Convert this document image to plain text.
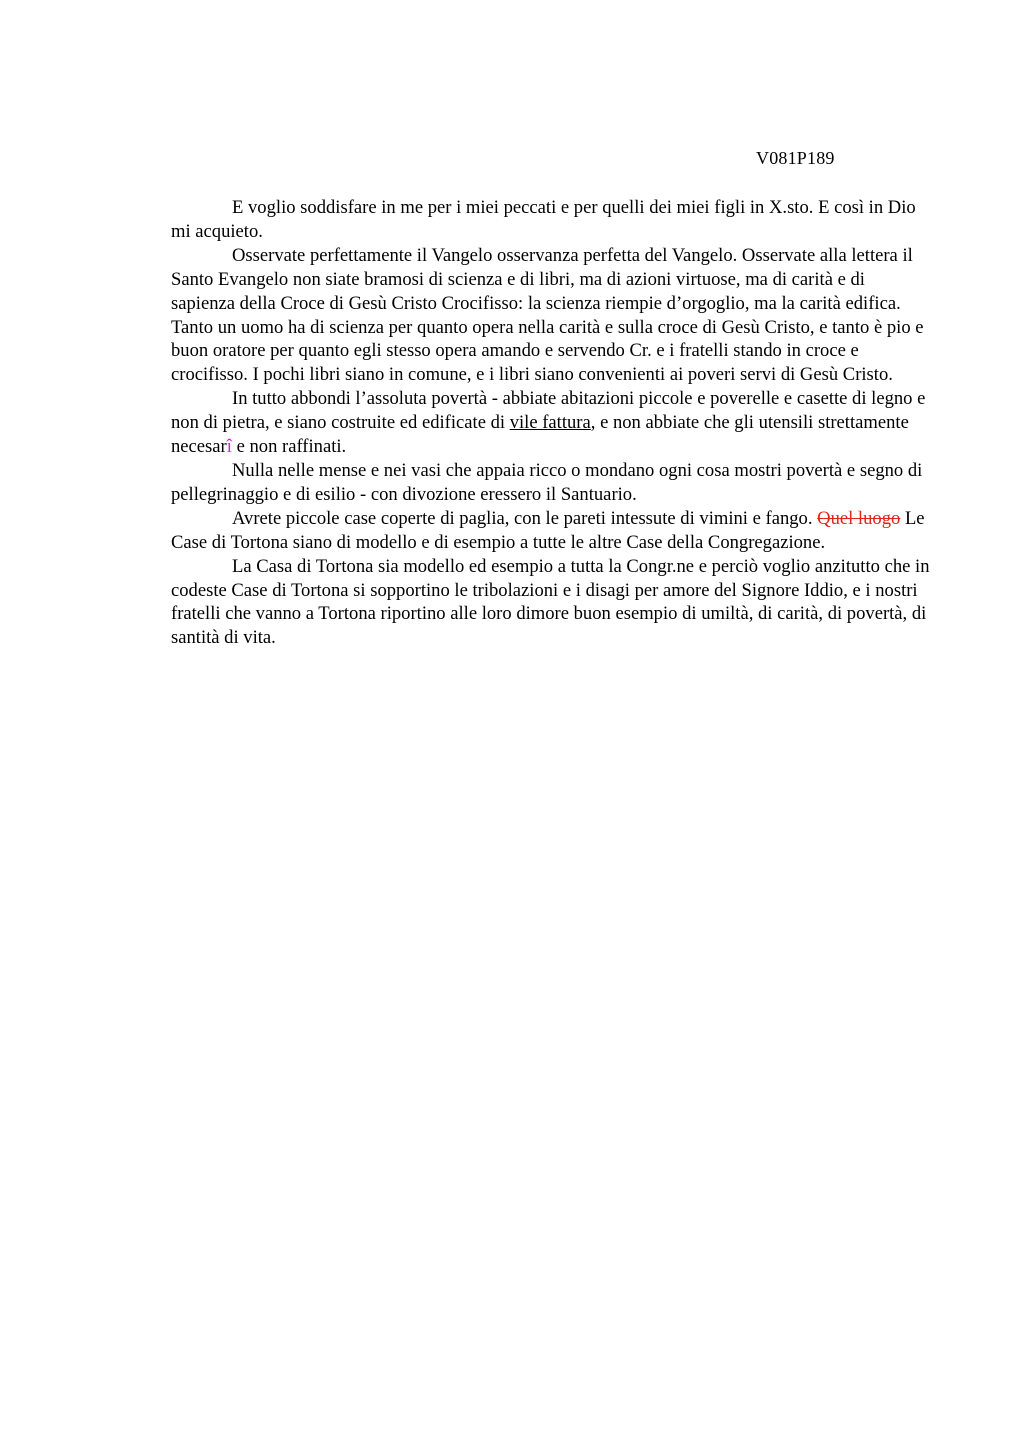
V081P189

E voglio soddisfare in me per i miei peccati e per quelli dei miei figli in X.sto. E così in Dio mi acquieto.

Osservate perfettamente il Vangelo osservanza perfetta del Vangelo. Osservate alla lettera il Santo Evangelo non siate bramosi di scienza e di libri, ma di azioni virtuose, ma di carità e di sapienza della Croce di Gesù Cristo Crocifisso: la scienza riempie d’orgoglio, ma la carità edifica. Tanto un uomo ha di scienza per quanto opera nella carità e sulla croce di Gesù Cristo, e tanto è pio e buon oratore per quanto egli stesso opera amando e servendo Cr. e i fratelli stando in croce e crocifisso. I pochi libri siano in comune, e i libri siano convenienti ai poveri servi di Gesù Cristo.

In tutto abbondi l’assoluta povertà - abbiate abitazioni piccole e poverelle e casette di legno e non di pietra, e siano costruite ed edificate di vile fattura, e non abbiate che gli utensili strettamente necesarî e non raffinati.

Nulla nelle mense e nei vasi che appaia ricco o mondano ogni cosa mostri povertà e segno di pellegrinaggio e di esilio - con divozione eressero il Santuario.

Avrete piccole case coperte di paglia, con le pareti intessute di vimini e fango. Quel luogo Le Case di Tortona siano di modello e di esempio a tutte le altre Case della Congregazione.

La Casa di Tortona sia modello ed esempio a tutta la Congr.ne e perciò voglio anzitutto che in codeste Case di Tortona si sopportino le tribolazioni e i disagi per amore del Signore Iddio, e i nostri fratelli che vanno a Tortona riportino alle loro dimore buon esempio di umiltà, di carità, di povertà, di santità di vita.
